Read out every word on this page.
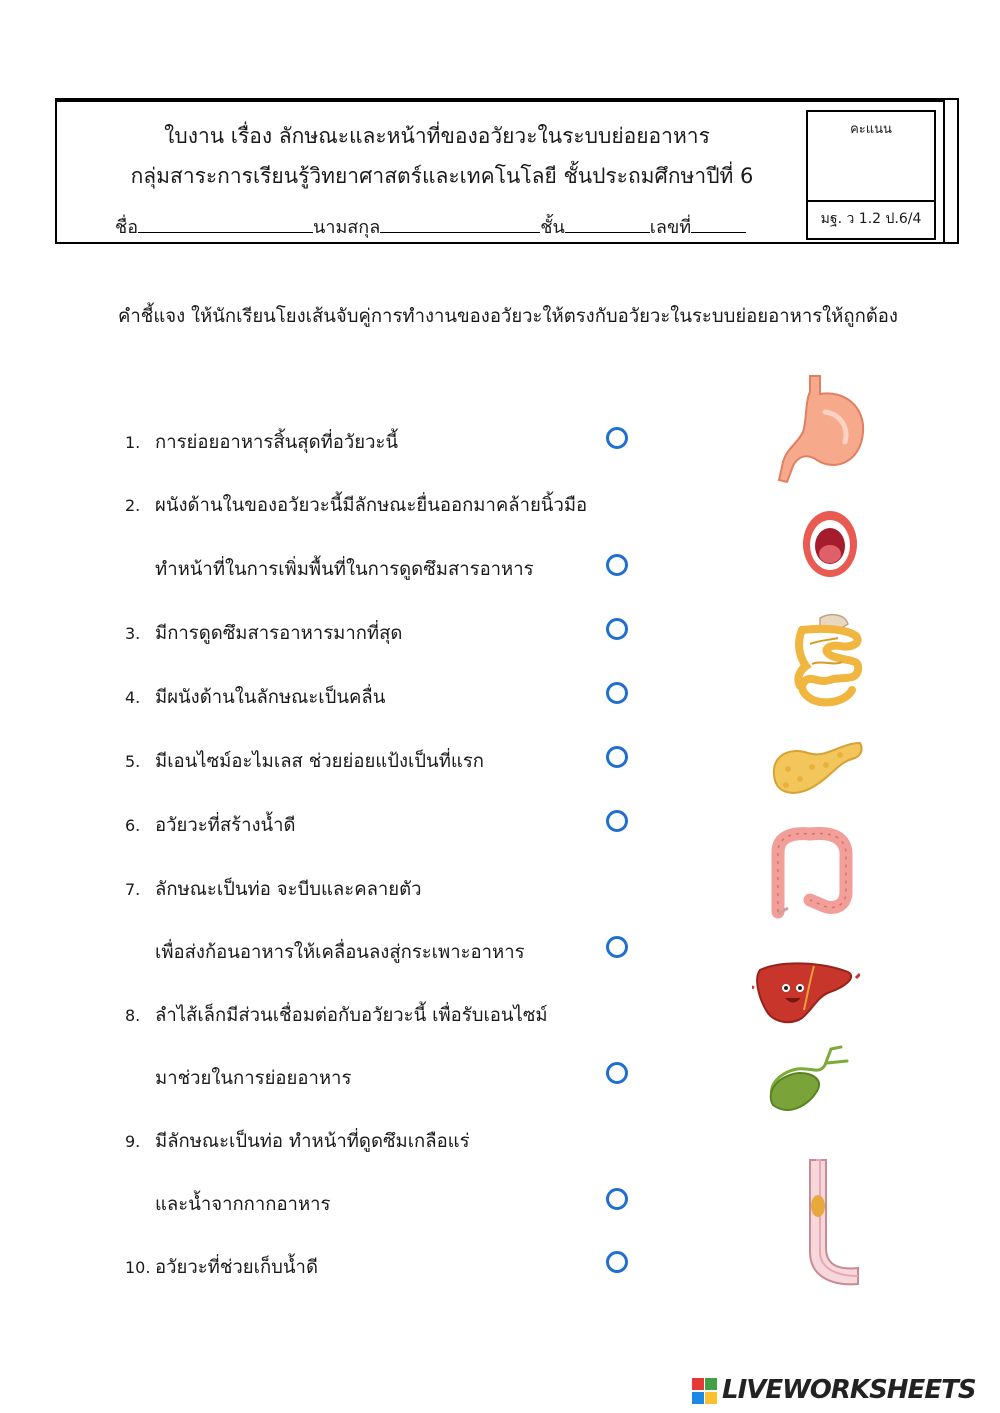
ใบงาน เรื่อง ลักษณะและหน้าที่ของอวัยวะในระบบย่อยอาหาร
กลุ่มสาระการเรียนรู้วิทยาศาสตร์และเทคโนโลยี ชั้นประถมศึกษาปีที่ 6
ชื่อ	นามสกุล	ชั้น	เลขที่
คะแนน
มฐ. ว 1.2 ป.6/4
คำชี้แจง ให้นักเรียนโยงเส้นจับคู่การทำงานของอวัยวะให้ตรงกับอวัยวะในระบบย่อยอาหารให้ถูกต้อง
1. การย่อยอาหารสิ้นสุดที่อวัยวะนี้
2. ผนังด้านในของอวัยวะนี้มีลักษณะยื่นออกมาคล้ายนิ้วมือ
ทำหน้าที่ในการเพิ่มพื้นที่ในการดูดซึมสารอาหาร
3. มีการดูดซึมสารอาหารมากที่สุด
4. มีผนังด้านในลักษณะเป็นคลื่น
5. มีเอนไซม์อะไมเลส ช่วยย่อยแป้งเป็นที่แรก
6. อวัยวะที่สร้างน้ำดี
7. ลักษณะเป็นท่อ จะบีบและคลายตัว
เพื่อส่งก้อนอาหารให้เคลื่อนลงสู่กระเพาะอาหาร
8. ลำไส้เล็กมีส่วนเชื่อมต่อกับอวัยวะนี้ เพื่อรับเอนไซม์
มาช่วยในการย่อยอาหาร
9. มีลักษณะเป็นท่อ ทำหน้าที่ดูดซึมเกลือแร่
และน้ำจากกากอาหาร
10. อวัยวะที่ช่วยเก็บน้ำดี
LIVEWORKSHEETS
